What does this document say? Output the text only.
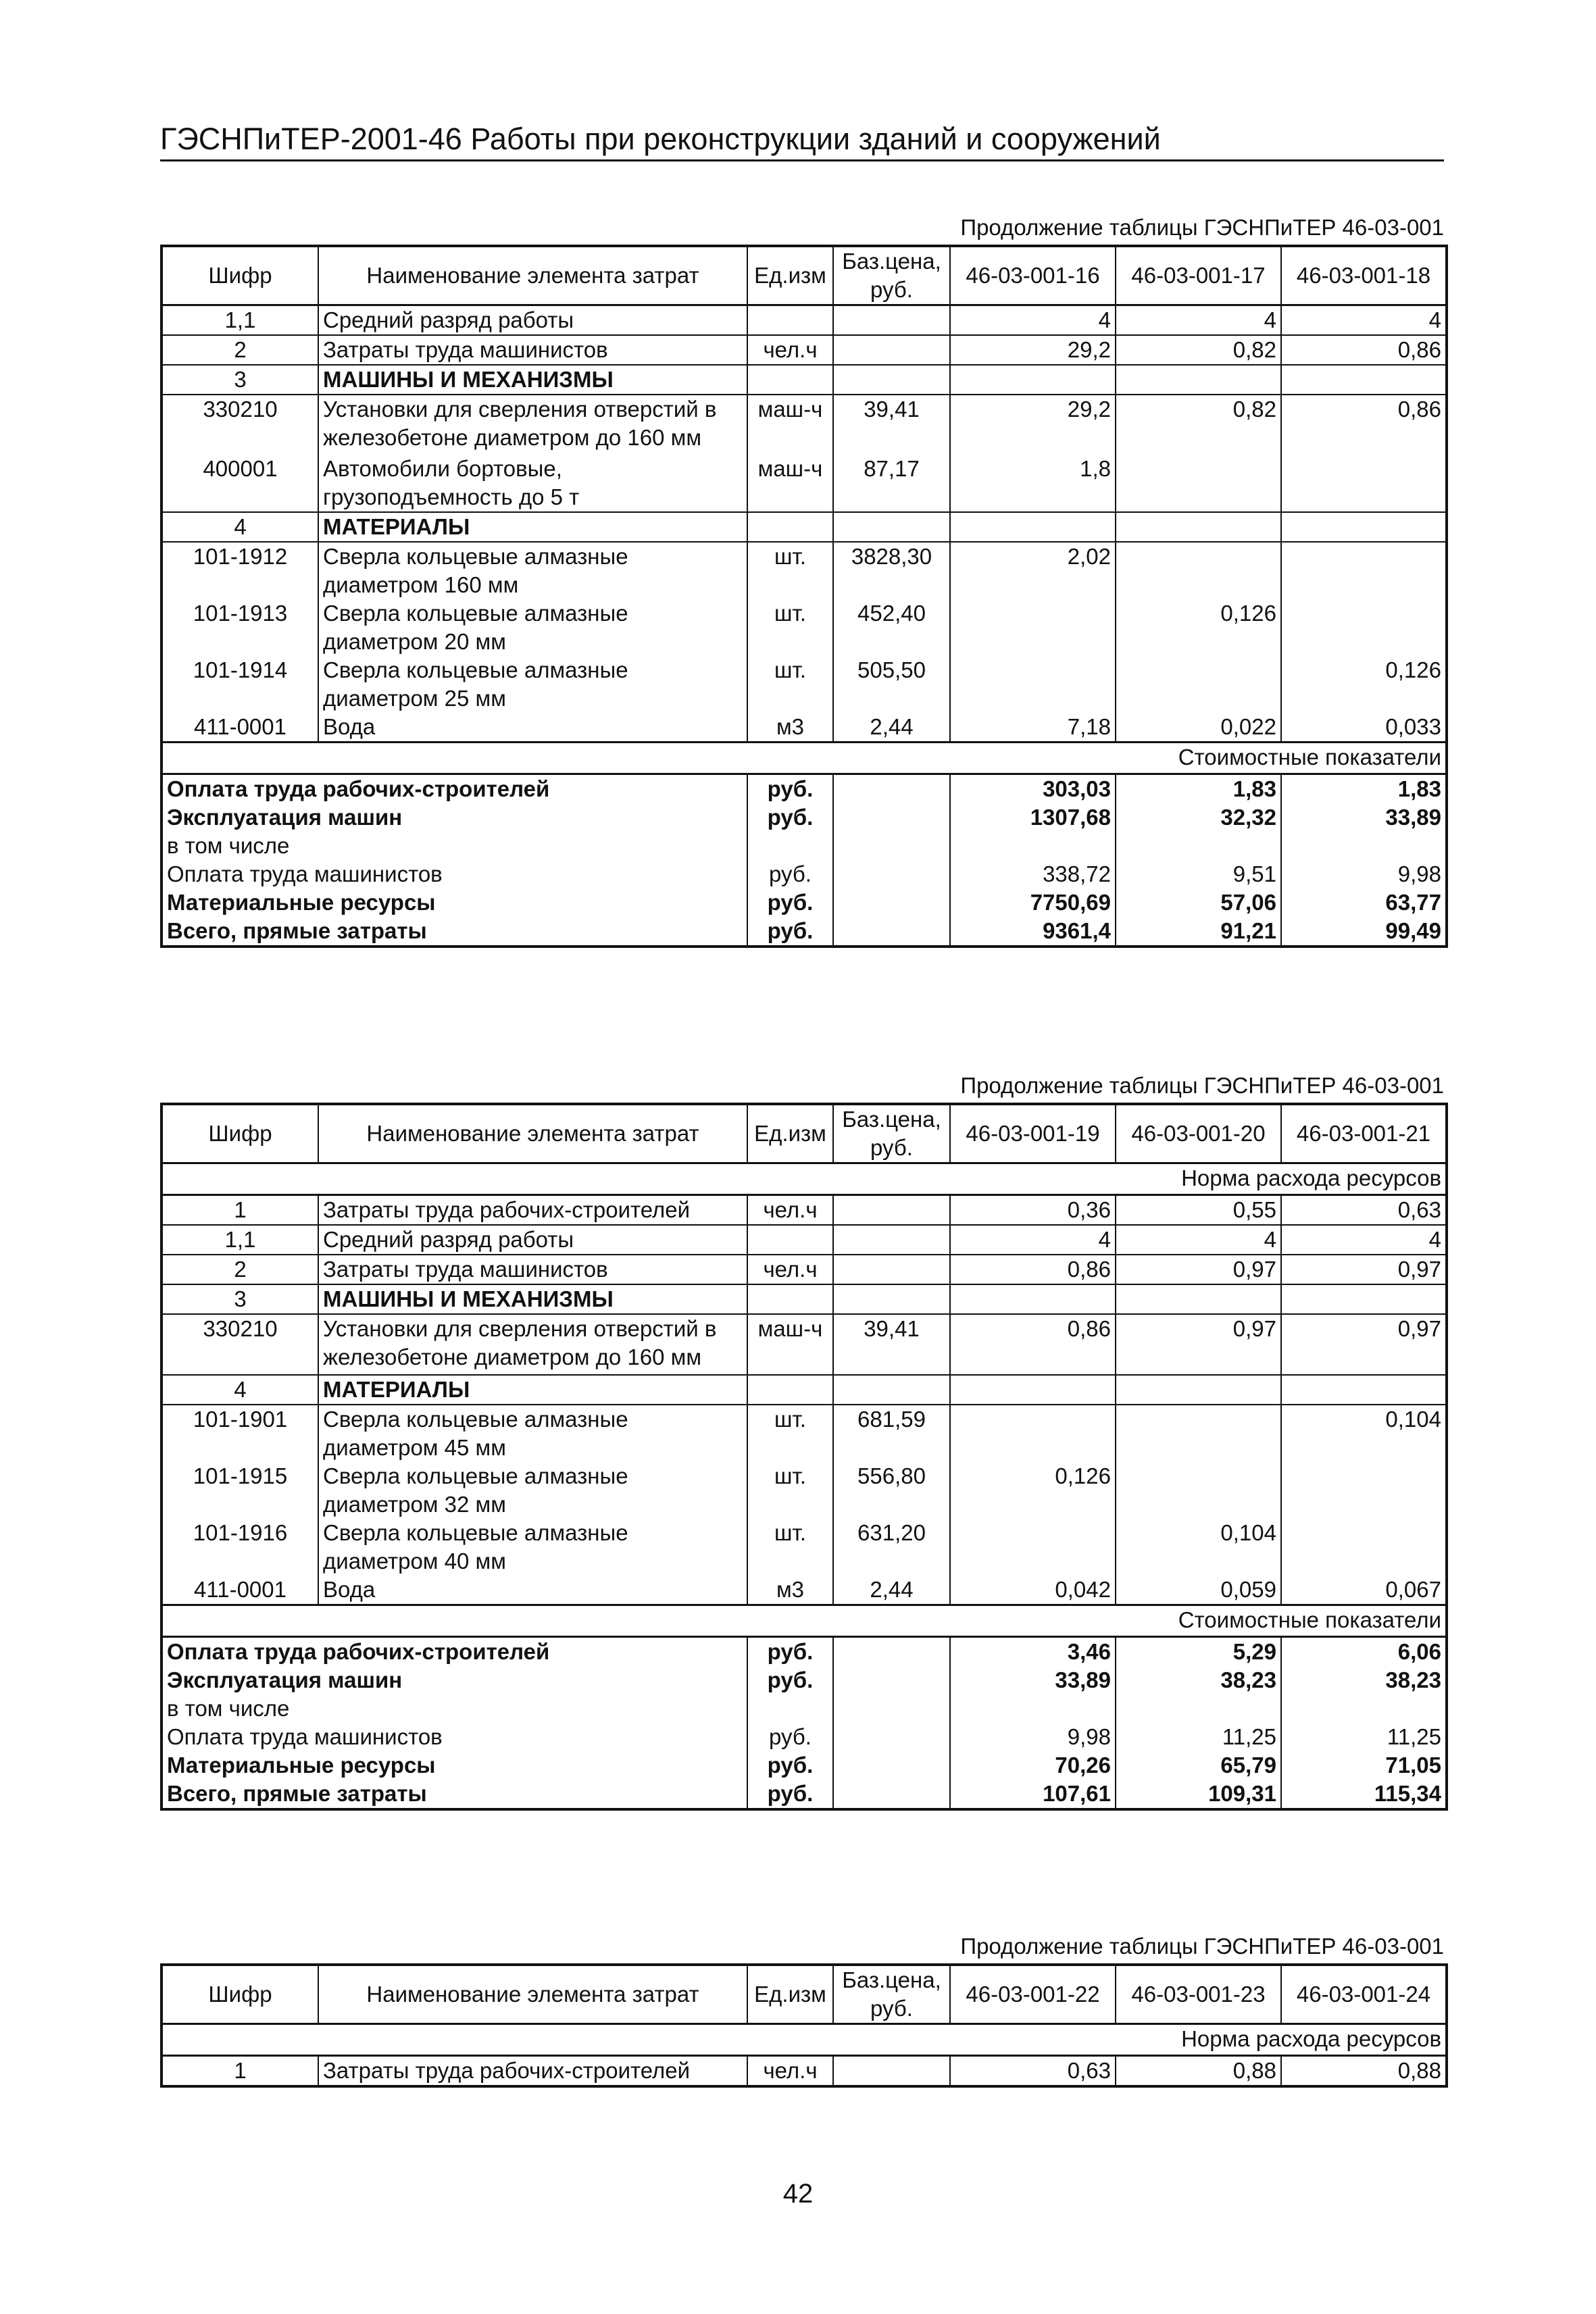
ГЭСНПиТЕР-2001-46 Работы при реконструкции зданий и сооружений
Продолжение таблицы ГЭСНПиТЕР 46-03-001
Шифр	Наименование элемента затрат	Ед.изм	Баз.цена, руб.	46-03-001-16	46-03-001-17	46-03-001-18
1,1	Средний разряд работы			4	4	4
2	Затраты труда машинистов	чел.ч		29,2	0,82	0,86
3	МАШИНЫ И МЕХАНИЗМЫ					
330210	Установки для сверления отверстий в железобетоне диаметром до 160 мм	маш-ч	39,41	29,2	0,82	0,86
400001	Автомобили бортовые, грузоподъемность до 5 т	маш-ч	87,17	1,8		
4	МАТЕРИАЛЫ					
101-1912	Сверла кольцевые алмазные диаметром 160 мм	шт.	3828,30	2,02		
101-1913	Сверла кольцевые алмазные диаметром 20 мм	шт.	452,40		0,126	
101-1914	Сверла кольцевые алмазные диаметром 25 мм	шт.	505,50			0,126
411-0001	Вода	м3	2,44	7,18	0,022	0,033
Стоимостные показатели						
Оплата труда рабочих-строителей		руб.		303,03	1,83	1,83
Эксплуатация машин		руб.		1307,68	32,32	33,89
в том числе						
Оплата труда машинистов		руб.		338,72	9,51	9,98
Материальные ресурсы		руб.		7750,69	57,06	63,77
Всего, прямые затраты		руб.		9361,4	91,21	99,49
Продолжение таблицы ГЭСНПиТЕР 46-03-001
Шифр	Наименование элемента затрат	Ед.изм	Баз.цена, руб.	46-03-001-19	46-03-001-20	46-03-001-21
Норма расхода ресурсов						
1	Затраты труда рабочих-строителей	чел.ч		0,36	0,55	0,63
1,1	Средний разряд работы			4	4	4
2	Затраты труда машинистов	чел.ч		0,86	0,97	0,97
3	МАШИНЫ И МЕХАНИЗМЫ					
330210	Установки для сверления отверстий в железобетоне диаметром до 160 мм	маш-ч	39,41	0,86	0,97	0,97
4	МАТЕРИАЛЫ					
101-1901	Сверла кольцевые алмазные диаметром 45 мм	шт.	681,59			0,104
101-1915	Сверла кольцевые алмазные диаметром 32 мм	шт.	556,80	0,126		
101-1916	Сверла кольцевые алмазные диаметром 40 мм	шт.	631,20		0,104	
411-0001	Вода	м3	2,44	0,042	0,059	0,067
Стоимостные показатели						
Оплата труда рабочих-строителей		руб.		3,46	5,29	6,06
Эксплуатация машин		руб.		33,89	38,23	38,23
в том числе						
Оплата труда машинистов		руб.		9,98	11,25	11,25
Материальные ресурсы		руб.		70,26	65,79	71,05
Всего, прямые затраты		руб.		107,61	109,31	115,34
Продолжение таблицы ГЭСНПиТЕР 46-03-001
Шифр	Наименование элемента затрат	Ед.изм	Баз.цена, руб.	46-03-001-22	46-03-001-23	46-03-001-24
Норма расхода ресурсов						
1	Затраты труда рабочих-строителей	чел.ч		0,63	0,88	0,88
42
